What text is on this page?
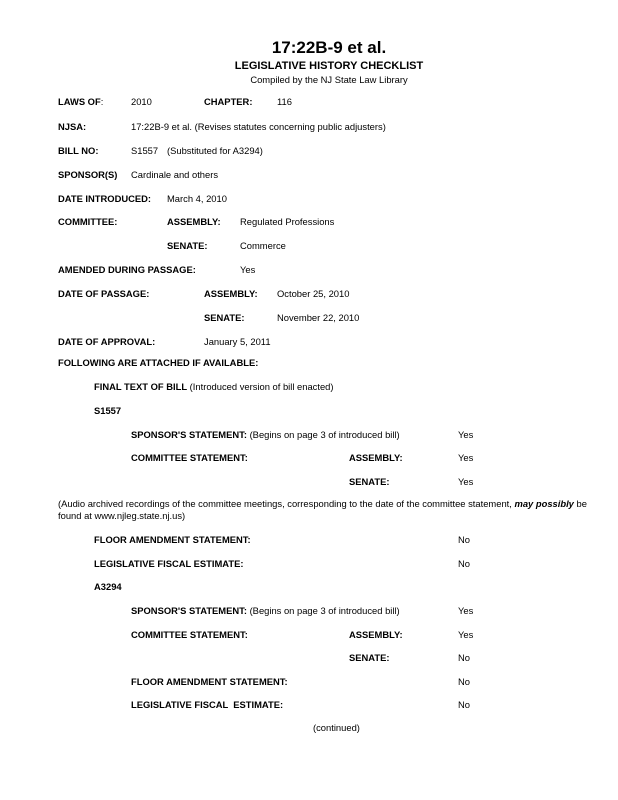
17:22B-9 et al.
LEGISLATIVE HISTORY CHECKLIST
Compiled by the NJ State Law Library
LAWS OF:	2010	CHAPTER:	116
NJSA:	17:22B-9 et al. (Revises statutes concerning public adjusters)
BILL NO:	S1557 (Substituted for A3294)
SPONSOR(S) Cardinale and others
DATE INTRODUCED: March 4, 2010
COMMITTEE:	ASSEMBLY: Regulated Professions
SENATE:	Commerce
AMENDED DURING PASSAGE:	Yes
DATE OF PASSAGE:	ASSEMBLY: October 25, 2010
SENATE:	November 22, 2010
DATE OF APPROVAL:	January 5, 2011
FOLLOWING ARE ATTACHED IF AVAILABLE:
FINAL TEXT OF BILL (Introduced version of bill enacted)
S1557
SPONSOR'S STATEMENT: (Begins on page 3 of introduced bill)	Yes
COMMITTEE STATEMENT:	ASSEMBLY:	Yes
SENATE:	Yes
(Audio archived recordings of the committee meetings, corresponding to the date of the committee statement, may possibly be found at www.njleg.state.nj.us)
FLOOR AMENDMENT STATEMENT:	No
LEGISLATIVE FISCAL ESTIMATE:	No
A3294
SPONSOR'S STATEMENT: (Begins on page 3 of introduced bill)	Yes
COMMITTEE STATEMENT:	ASSEMBLY:	Yes
SENATE:	No
FLOOR AMENDMENT STATEMENT:	No
LEGISLATIVE FISCAL  ESTIMATE:	No
(continued)
